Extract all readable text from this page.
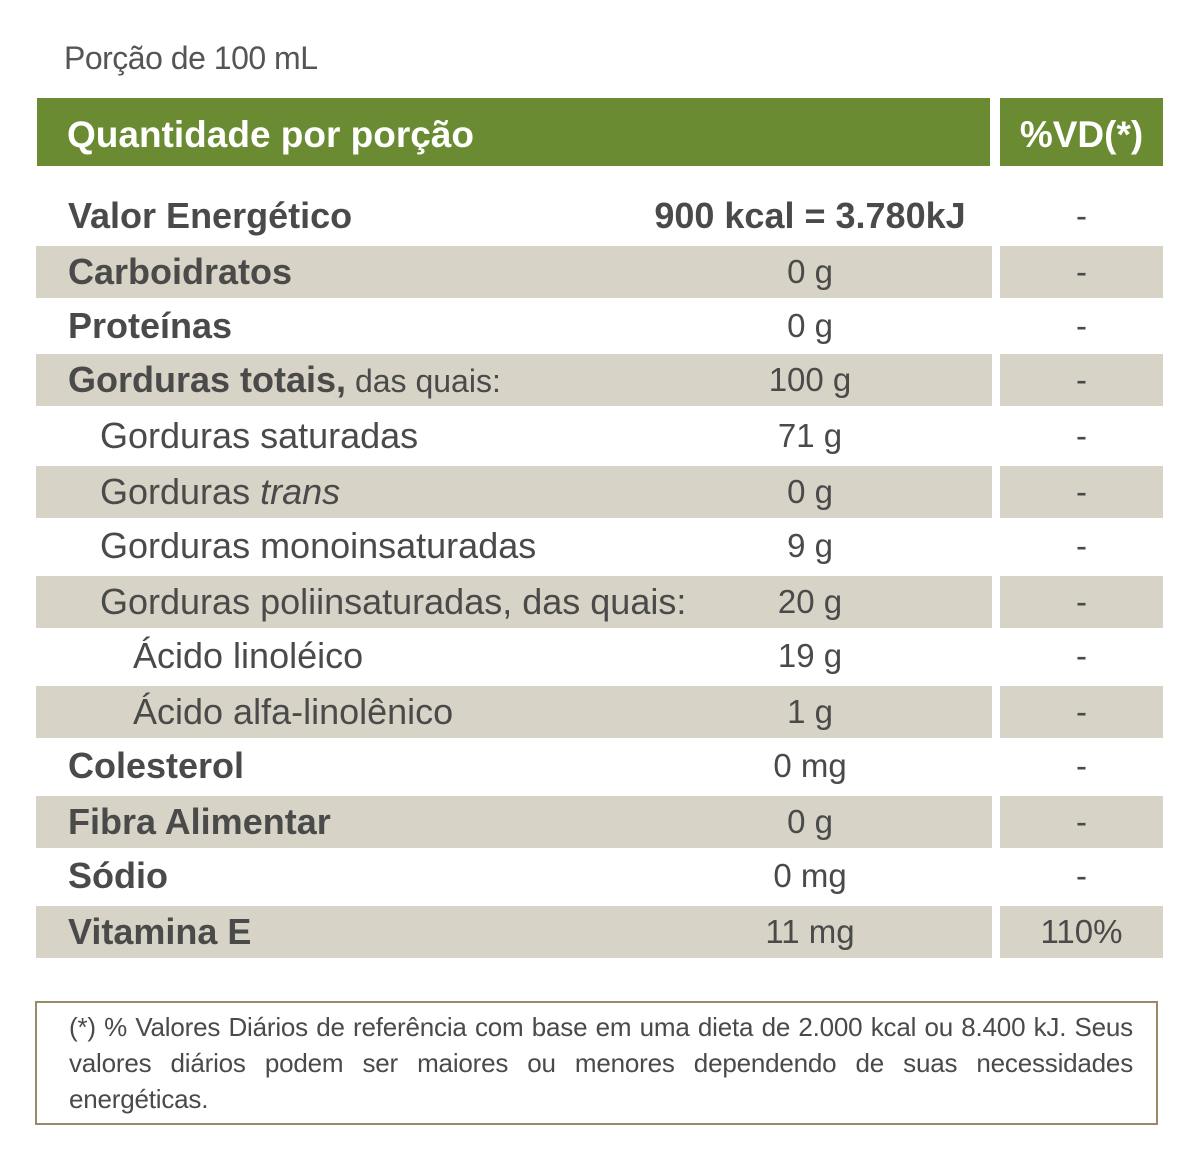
Porção de 100 mL
Quantidade por porção	%VD(*)
Valor Energético	900 kcal = 3.780kJ	-
Carboidratos	0 g	-
Proteínas	0 g	-
Gorduras totais, das quais:	100 g	-
Gorduras saturadas	71 g	-
Gorduras trans	0 g	-
Gorduras monoinsaturadas	9 g	-
Gorduras poliinsaturadas, das quais:	20 g	-
Ácido linoléico	19 g	-
Ácido alfa-linolênico	1 g	-
Colesterol	0 mg	-
Fibra Alimentar	0 g	-
Sódio	0 mg	-
Vitamina E	11 mg	110%
(*) % Valores Diários de referência com base em uma dieta de 2.000 kcal ou 8.400 kJ. Seus valores diários podem ser maiores ou menores dependendo de suas necessidades energéticas.
